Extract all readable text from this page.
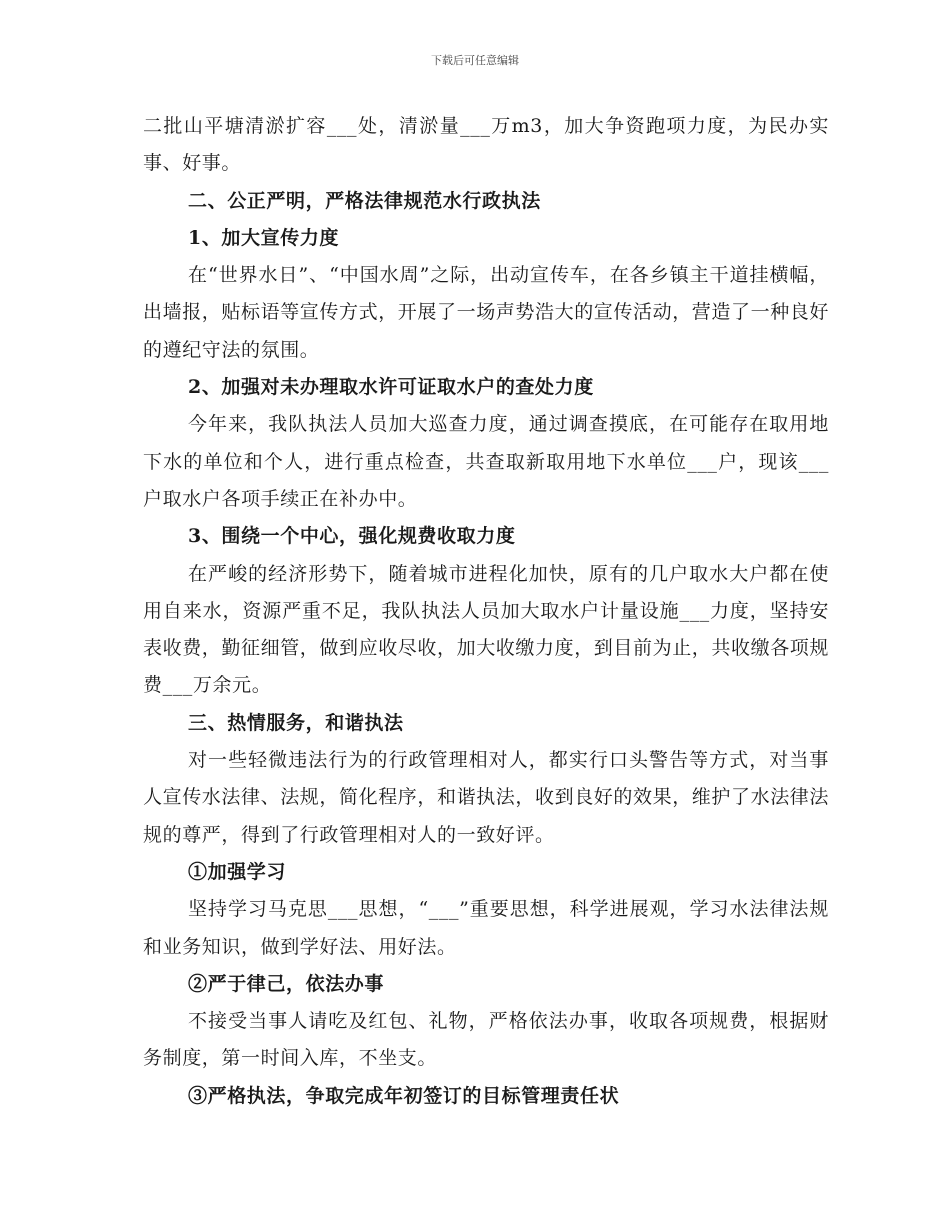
下载后可任意编辑

二批山平塘清淤扩容___处，清淤量___万m3，加大争资跑项力度，为民办实事、好事。

二、公正严明，严格法律规范水行政执法

1、加大宣传力度

在“世界水日”、“中国水周”之际，出动宣传车，在各乡镇主干道挂横幅，出墙报，贴标语等宣传方式，开展了一场声势浩大的宣传活动，营造了一种良好的遵纪守法的氛围。

2、加强对未办理取水许可证取水户的查处力度

今年来，我队执法人员加大巡查力度，通过调查摸底，在可能存在取用地下水的单位和个人，进行重点检查，共查取新取用地下水单位___户，现该___户取水户各项手续正在补办中。

3、围绕一个中心，强化规费收取力度

在严峻的经济形势下，随着城市进程化加快，原有的几户取水大户都在使用自来水，资源严重不足，我队执法人员加大取水户计量设施___力度，坚持安表收费，勤征细管，做到应收尽收，加大收缴力度，到目前为止，共收缴各项规费___万余元。

三、热情服务，和谐执法

对一些轻微违法行为的行政管理相对人，都实行口头警告等方式，对当事人宣传水法律、法规，简化程序，和谐执法，收到良好的效果，维护了水法律法规的尊严，得到了行政管理相对人的一致好评。

①加强学习

坚持学习马克思___思想，“___”重要思想，科学进展观，学习水法律法规和业务知识，做到学好法、用好法。

②严于律己，依法办事

不接受当事人请吃及红包、礼物，严格依法办事，收取各项规费，根据财务制度，第一时间入库，不坐支。

③严格执法，争取完成年初签订的目标管理责任状
